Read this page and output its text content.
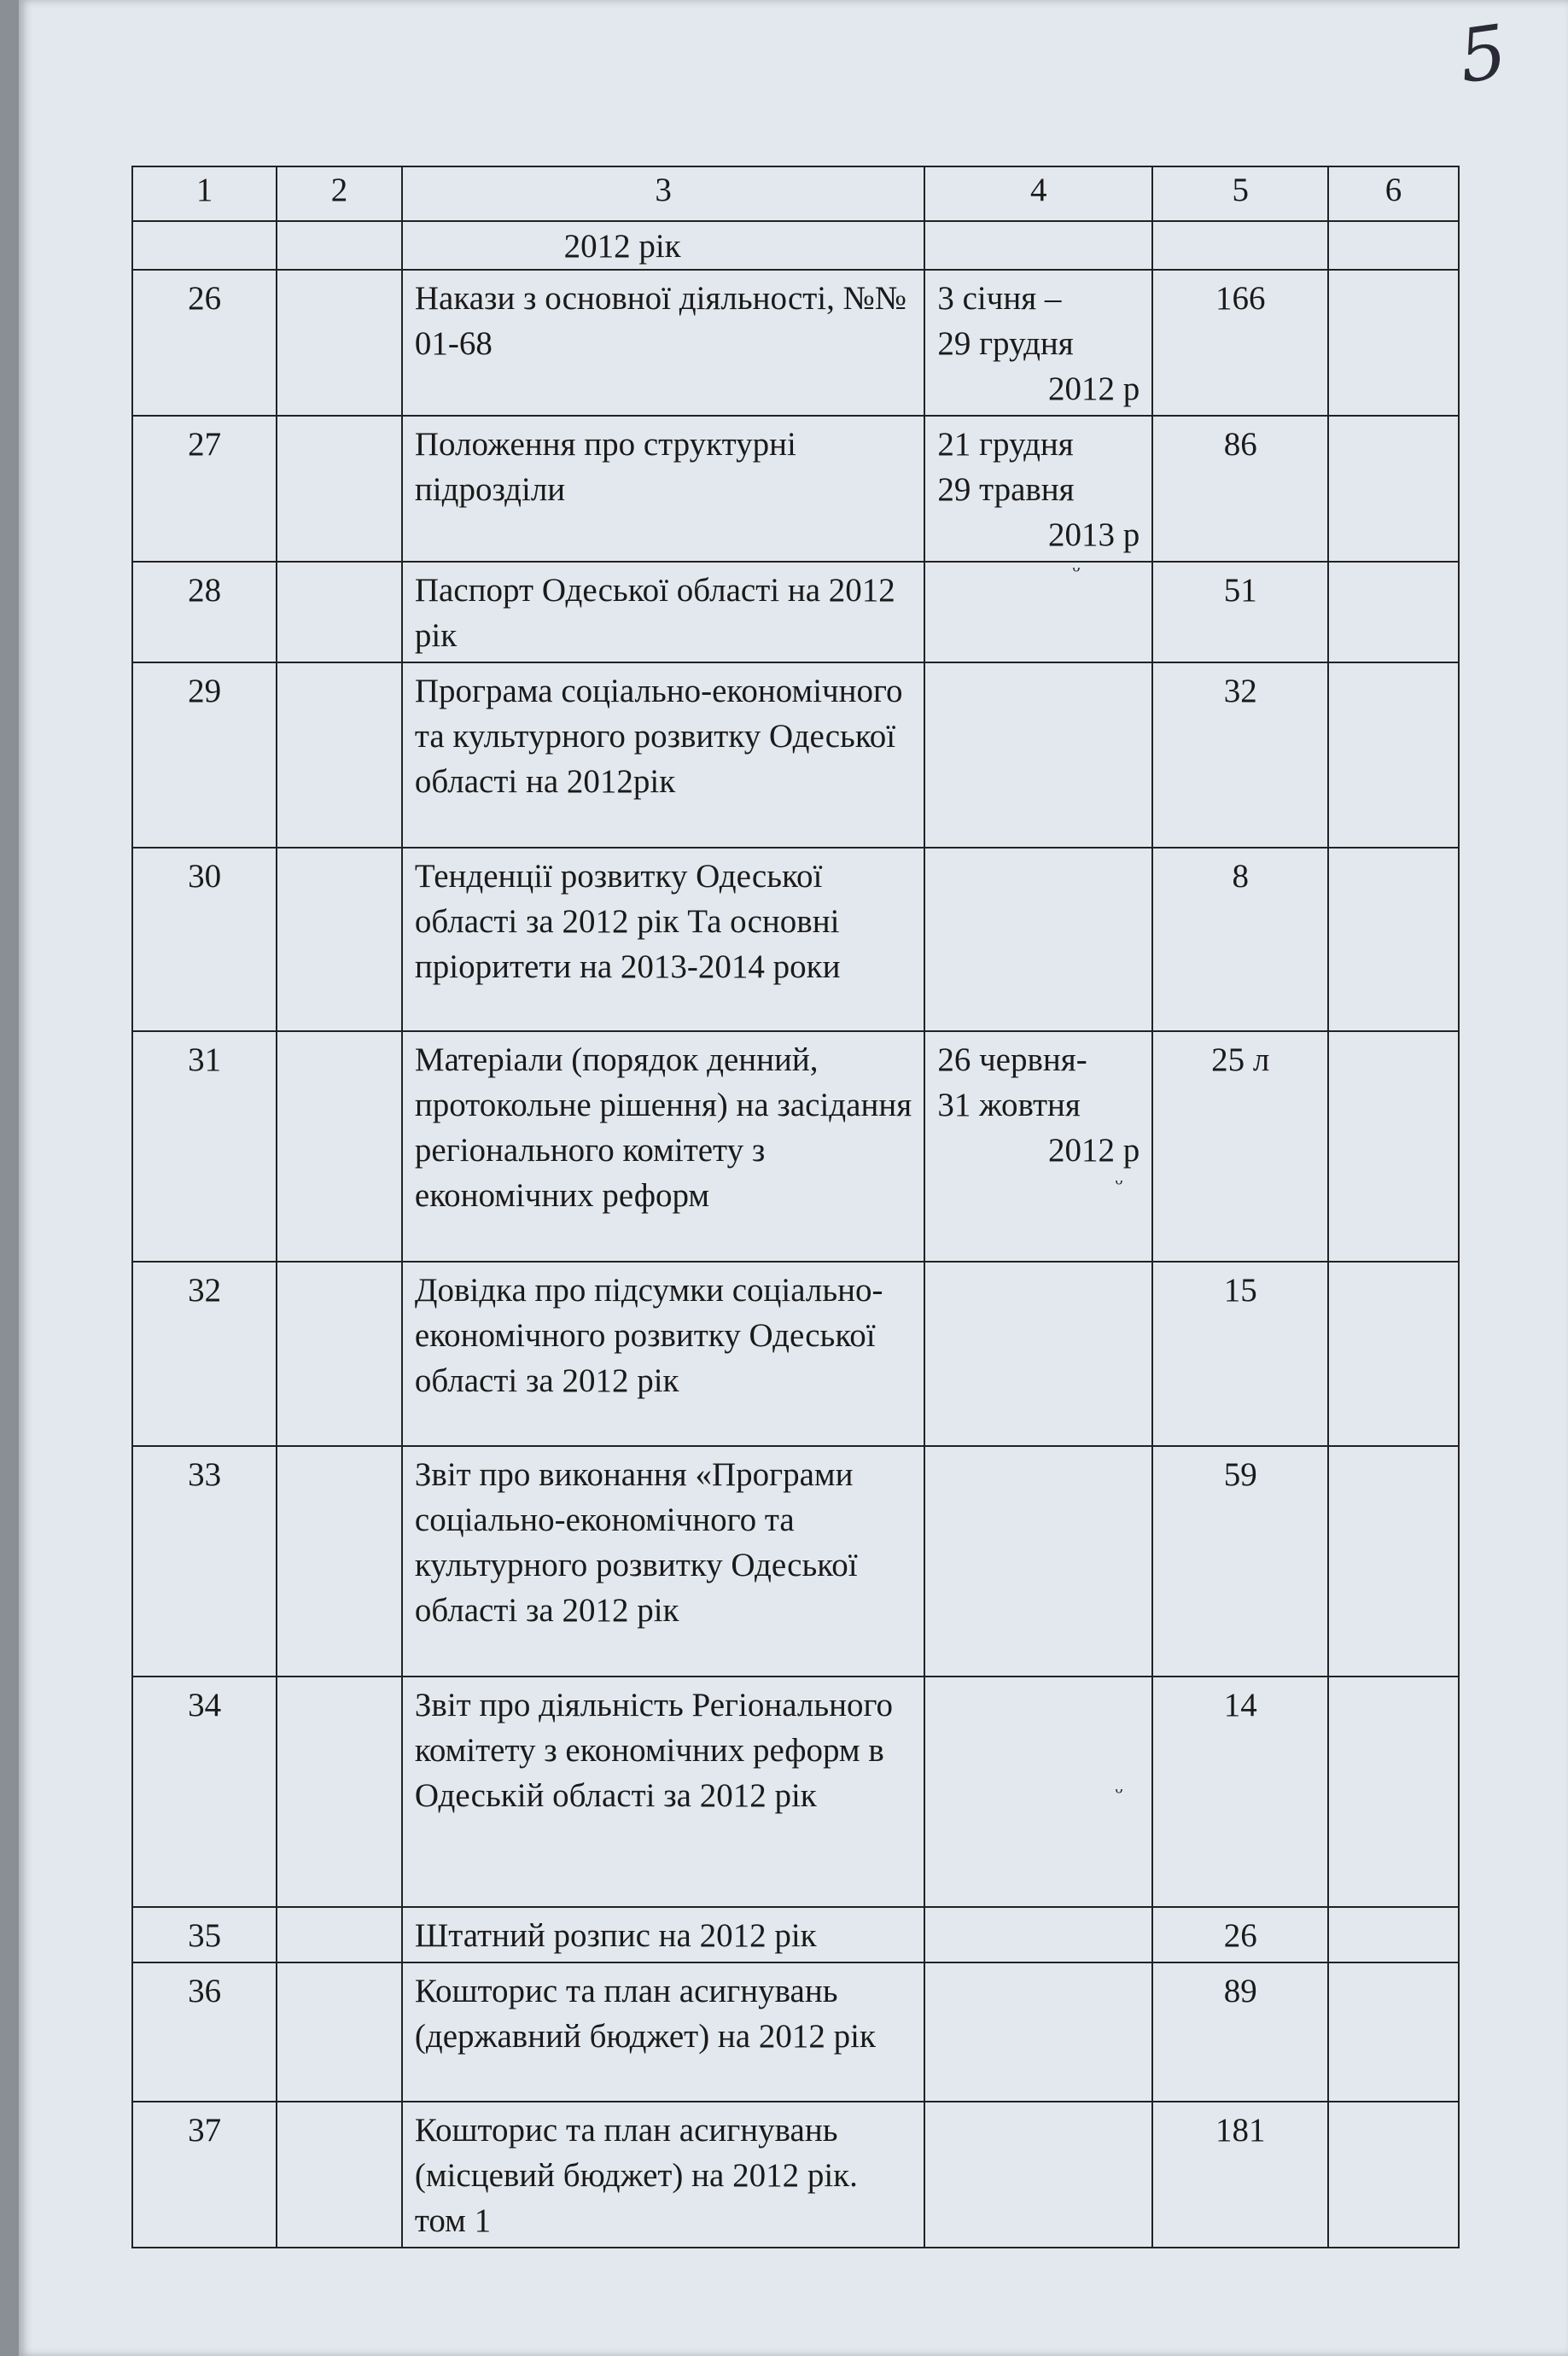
5
1	2	3	4	5	6
		2012 рік			
26		Накази з основної діяльності, №№ 01-68	3 січня –
29 грудня
2012 р	166	
27		Положення про структурні підрозділи	21 грудня
29 травня
2013 р	86	
28		Паспорт Одеської області на 2012 рік	ᵕ	51	
29		Програма соціально-економічного та культурного розвитку Одеської області на 2012рік		32	
30		Тенденції розвитку Одеської області за 2012 рік Та основні пріоритети на 2013-2014 роки		8	
31		Матеріали (порядок денний, протокольне рішення) на засідання регіонального комітету з економічних реформ	26 червня-
31 жовтня
2012 р
ᵕ	25 л	
32		Довідка про підсумки соціально-економічного розвитку Одеської області за 2012 рік		15	
33		Звіт про виконання «Програми соціально-економічного та культурного розвитку Одеської області за 2012 рік		59	
34		Звіт про діяльність Регіонального комітету з економічних реформ в Одеській області за 2012 рік	ᵕ	14	
35		Штатний розпис на 2012 рік		26	
36		Кошторис та план асигнувань (державний бюджет) на 2012 рік		89	
37		Кошторис та план асигнувань (місцевий бюджет) на 2012 рік. том 1		181	
